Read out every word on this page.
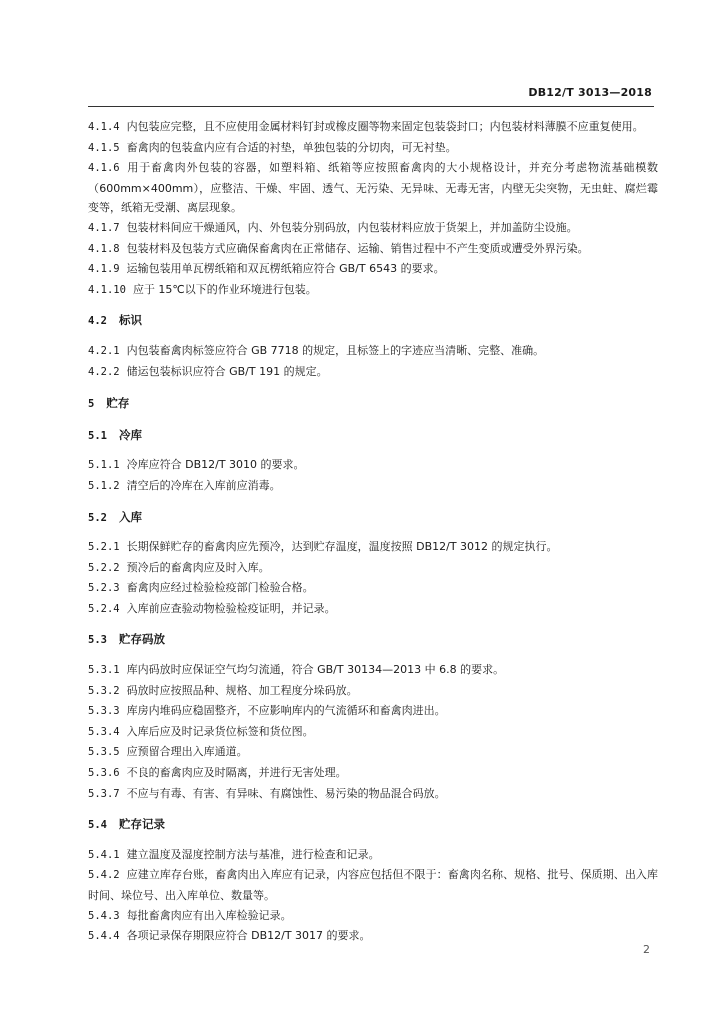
DB12/T 3013—2018

4.1.4 内包装应完整，且不应使用金属材料钉封或橡皮圈等物来固定包装袋封口；内包装材料薄膜不应重复使用。

4.1.5 畜禽肉的包装盒内应有合适的衬垫，单独包装的分切肉，可无衬垫。

4.1.6 用于畜禽肉外包装的容器，如塑料箱、纸箱等应按照畜禽肉的大小规格设计，并充分考虑物流基础模数（600mm×400mm），应整洁、干燥、牢固、透气、无污染、无异味、无毒无害，内壁无尖突物，无虫蛀、腐烂霉变等，纸箱无受潮、离层现象。

4.1.7 包装材料间应干燥通风，内、外包装分别码放，内包装材料应放于货架上，并加盖防尘设施。

4.1.8 包装材料及包装方式应确保畜禽肉在正常储存、运输、销售过程中不产生变质或遭受外界污染。

4.1.9 运输包装用单瓦楞纸箱和双瓦楞纸箱应符合 GB/T 6543 的要求。

4.1.10 应于 15℃以下的作业环境进行包装。

4.2 标识

4.2.1 内包装畜禽肉标签应符合 GB 7718 的规定，且标签上的字迹应当清晰、完整、准确。

4.2.2 储运包装标识应符合 GB/T 191 的规定。

5 贮存

5.1 冷库

5.1.1 冷库应符合 DB12/T 3010 的要求。

5.1.2 清空后的冷库在入库前应消毒。

5.2 入库

5.2.1 长期保鲜贮存的畜禽肉应先预冷，达到贮存温度，温度按照 DB12/T 3012 的规定执行。

5.2.2 预冷后的畜禽肉应及时入库。

5.2.3 畜禽肉应经过检验检疫部门检验合格。

5.2.4 入库前应查验动物检验检疫证明，并记录。

5.3 贮存码放

5.3.1 库内码放时应保证空气均匀流通，符合 GB/T 30134—2013 中 6.8 的要求。

5.3.2 码放时应按照品种、规格、加工程度分垛码放。

5.3.3 库房内堆码应稳固整齐，不应影响库内的气流循环和畜禽肉进出。

5.3.4 入库后应及时记录货位标签和货位图。

5.3.5 应预留合理出入库通道。

5.3.6 不良的畜禽肉应及时隔离，并进行无害处理。

5.3.7 不应与有毒、有害、有异味、有腐蚀性、易污染的物品混合码放。

5.4 贮存记录

5.4.1 建立温度及湿度控制方法与基准，进行检查和记录。

5.4.2 应建立库存台账，畜禽肉出入库应有记录，内容应包括但不限于：畜禽肉名称、规格、批号、保质期、出入库时间、垛位号、出入库单位、数量等。

5.4.3 每批畜禽肉应有出入库检验记录。

5.4.4 各项记录保存期限应符合 DB12/T 3017 的要求。

2
